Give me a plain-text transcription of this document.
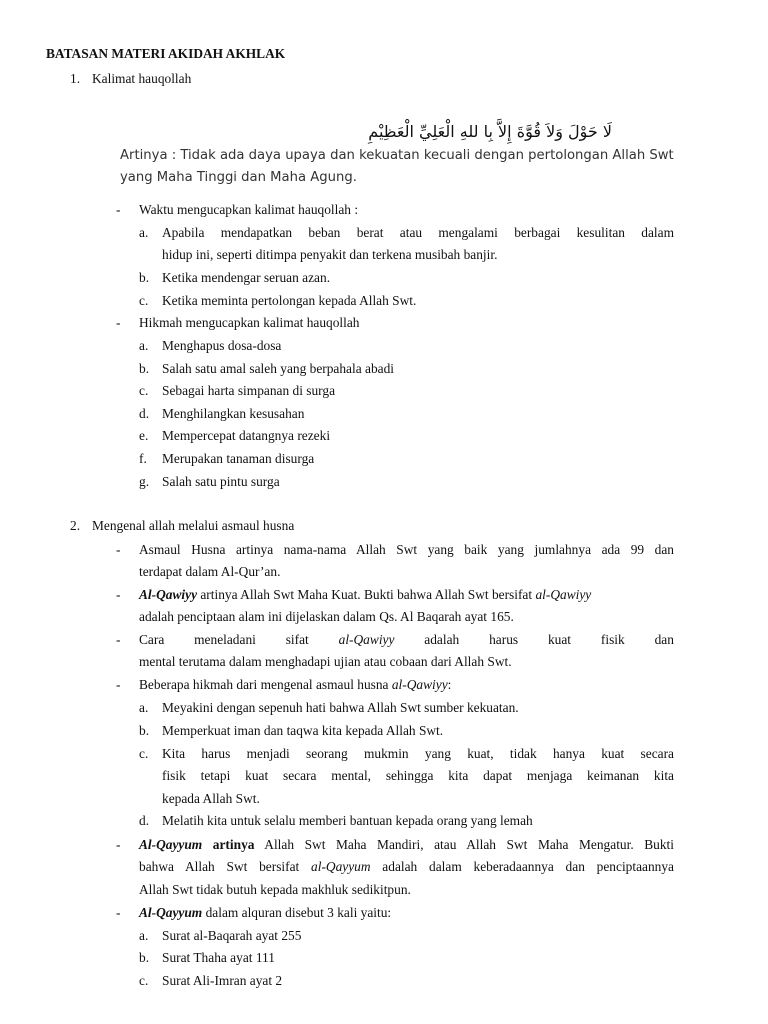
BATASAN MATERI AKIDAH AKHLAK
1. Kalimat hauqollah
لَا حَوْلَ وَلاَ قُوَّةَ إِلاَّ بِا للهِ الْعَلِيِّ الْعَظِيْمِ
Artinya : Tidak ada daya upaya dan kekuatan kecuali dengan pertolongan Allah Swt
yang Maha Tinggi dan Maha Agung.
- Waktu mengucapkan kalimat hauqollah :
a. Apabila mendapatkan beban berat atau mengalami berbagai kesulitan dalam
hidup ini, seperti ditimpa penyakit dan terkena musibah banjir.
b. Ketika mendengar seruan azan.
c. Ketika meminta pertolongan kepada Allah Swt.
- Hikmah mengucapkan kalimat hauqollah
a. Menghapus dosa-dosa
b. Salah satu amal saleh yang berpahala abadi
c. Sebagai harta simpanan di surga
d. Menghilangkan kesusahan
e. Mempercepat datangnya rezeki
f. Merupakan tanaman disurga
g. Salah satu pintu surga
2. Mengenal allah melalui asmaul husna
- Asmaul Husna artinya nama-nama Allah Swt yang baik yang jumlahnya ada 99 dan
terdapat dalam Al-Qur’an.
- Al-Qawiyy artinya Allah Swt Maha Kuat. Bukti bahwa Allah Swt bersifat al-Qawiyy
adalah penciptaan alam ini dijelaskan dalam Qs. Al Baqarah ayat 165.
- Cara meneladani sifat al-Qawiyy adalah harus kuat fisik dan
mental terutama dalam menghadapi ujian atau cobaan dari Allah Swt.
- Beberapa hikmah dari mengenal asmaul husna al-Qawiyy:
a. Meyakini dengan sepenuh hati bahwa Allah Swt sumber kekuatan.
b. Memperkuat iman dan taqwa kita kepada Allah Swt.
c. Kita harus menjadi seorang mukmin yang kuat, tidak hanya kuat secara
fisik tetapi kuat secara mental, sehingga kita dapat menjaga keimanan kita
kepada Allah Swt.
d. Melatih kita untuk selalu memberi bantuan kepada orang yang lemah
- Al-Qayyum artinya Allah Swt Maha Mandiri, atau Allah Swt Maha Mengatur. Bukti
bahwa Allah Swt bersifat al-Qayyum adalah dalam keberadaannya dan penciptaannya
Allah Swt tidak butuh kepada makhluk sedikitpun.
- Al-Qayyum dalam alquran disebut 3 kali yaitu:
a. Surat al-Baqarah ayat 255
b. Surat Thaha ayat 111
c. Surat Ali-Imran ayat 2
